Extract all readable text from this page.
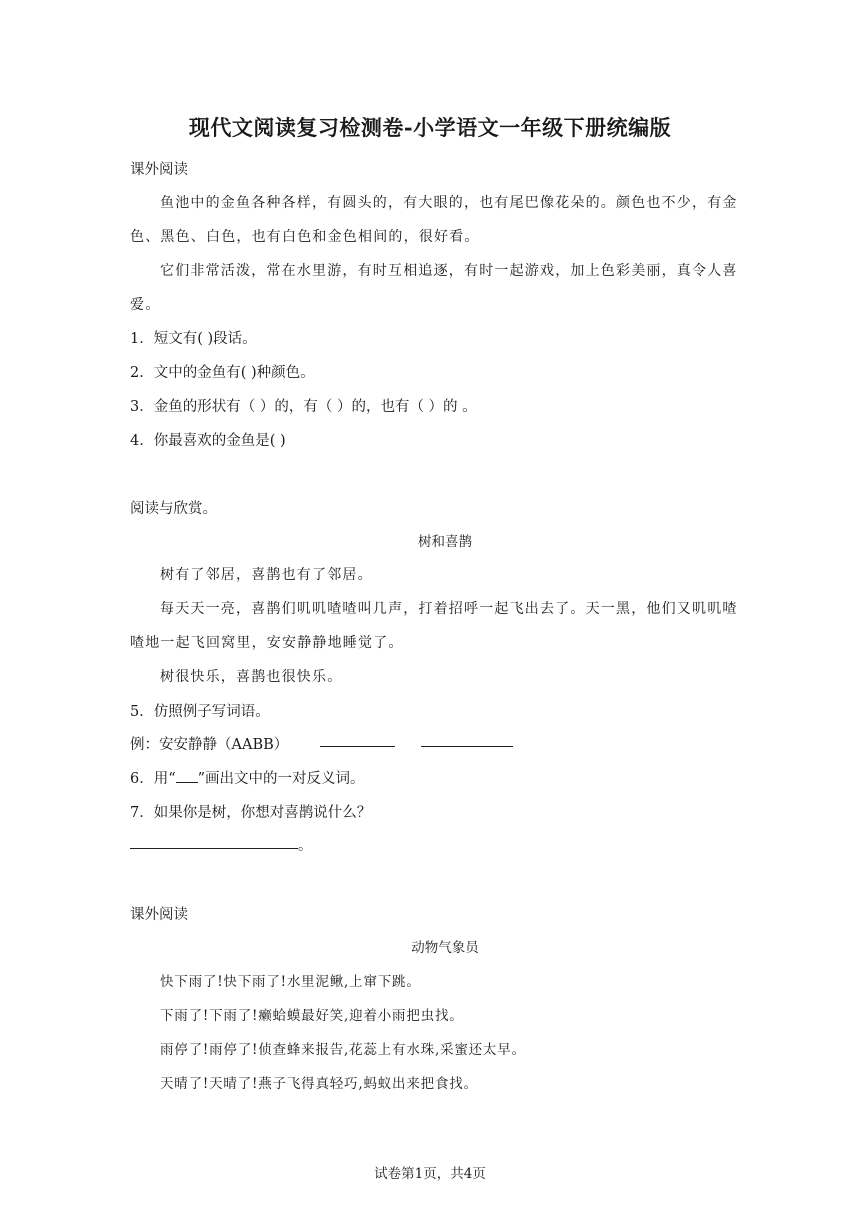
现代文阅读复习检测卷-小学语文一年级下册统编版
课外阅读
鱼池中的金鱼各种各样，有圆头的，有大眼的，也有尾巴像花朵的。颜色也不少，有金
色、黑色、白色，也有白色和金色相间的，很好看。
它们非常活泼，常在水里游，有时互相追逐，有时一起游戏，加上色彩美丽，真令人喜
爱。
1．短文有( )段话。
2．文中的金鱼有( )种颜色。
3．金鱼的形状有（ ）的，有（ ）的，也有（ ）的 。
4．你最喜欢的金鱼是( )
阅读与欣赏。
树和喜鹊
树有了邻居，喜鹊也有了邻居。
每天天一亮，喜鹊们叽叽喳喳叫几声，打着招呼一起飞出去了。天一黑，他们又叽叽喳
喳地一起飞回窝里，安安静静地睡觉了。
树很快乐，喜鹊也很快乐。
5．仿照例子写词语。
例：安安静静（AABB）
6．用“ ”画出文中的一对反义词。
7．如果你是树，你想对喜鹊说什么？
。
课外阅读
动物气象员
快下雨了!快下雨了!水里泥鳅,上窜下跳。
下雨了!下雨了!癞蛤蟆最好笑,迎着小雨把虫找。
雨停了!雨停了!侦查蜂来报告,花蕊上有水珠,采蜜还太早。
天晴了!天晴了!燕子飞得真轻巧,蚂蚁出来把食找。
试卷第1页，共4页
